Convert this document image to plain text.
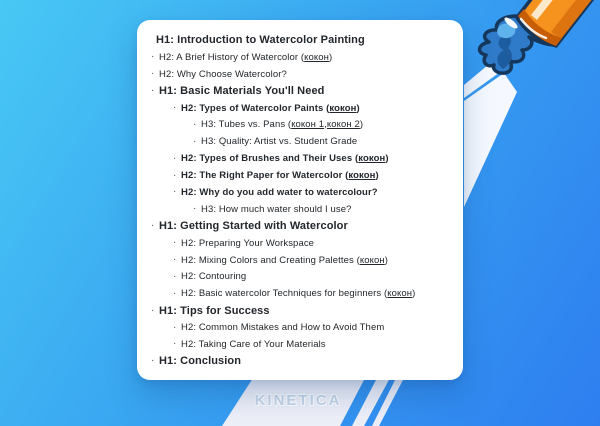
KINETICA
H1: Introduction to Watercolor Painting
· H2: A Brief History of Watercolor ( кокон )
· H2: Why Choose Watercolor?
· H1: Basic Materials You'll Need
· H2: Types of Watercolor Paints ( кокон )
· H3: Tubes vs. Pans ( кокон 1 , кокон 2 )
· H3: Quality: Artist vs. Student Grade
· H2: Types of Brushes and Their Uses ( кокон )
· H2: The Right Paper for Watercolor ( кокон )
· H2: Why do you add water to watercolour?
· H3: How much water should I use?
· H1: Getting Started with Watercolor
· H2: Preparing Your Workspace
· H2: Mixing Colors and Creating Palettes ( кокон )
· H2: Contouring
· H2: Basic watercolor Techniques for beginners ( кокон )
· H1: Tips for Success
· H2: Common Mistakes and How to Avoid Them
· H2: Taking Care of Your Materials
· H1: Conclusion
